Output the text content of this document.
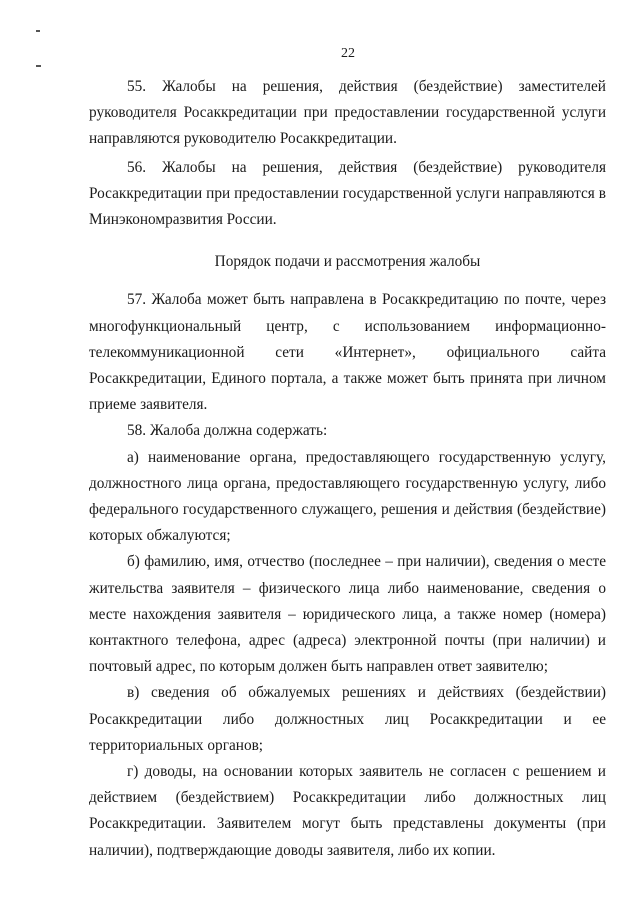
22

55. Жалобы на решения, действия (бездействие) заместителей руководителя Росаккредитации при предоставлении государственной услуги направляются руководителю Росаккредитации.

56. Жалобы на решения, действия (бездействие) руководителя Росаккредитации при предоставлении государственной услуги направляются в Минэкономразвития России.

Порядок подачи и рассмотрения жалобы

57. Жалоба может быть направлена в Росаккредитацию по почте, через многофункциональный центр, с использованием информационно-телекоммуникационной сети «Интернет», официального сайта Росаккредитации, Единого портала, а также может быть принята при личном приеме заявителя.

58. Жалоба должна содержать:

а) наименование органа, предоставляющего государственную услугу, должностного лица органа, предоставляющего государственную услугу, либо федерального государственного служащего, решения и действия (бездействие) которых обжалуются;

б) фамилию, имя, отчество (последнее – при наличии), сведения о месте жительства заявителя – физического лица либо наименование, сведения о месте нахождения заявителя – юридического лица, а также номер (номера) контактного телефона, адрес (адреса) электронной почты (при наличии) и почтовый адрес, по которым должен быть направлен ответ заявителю;

в) сведения об обжалуемых решениях и действиях (бездействии) Росаккредитации либо должностных лиц Росаккредитации и ее территориальных органов;

г) доводы, на основании которых заявитель не согласен с решением и действием (бездействием) Росаккредитации либо должностных лиц Росаккредитации. Заявителем могут быть представлены документы (при наличии), подтверждающие доводы заявителя, либо их копии.
